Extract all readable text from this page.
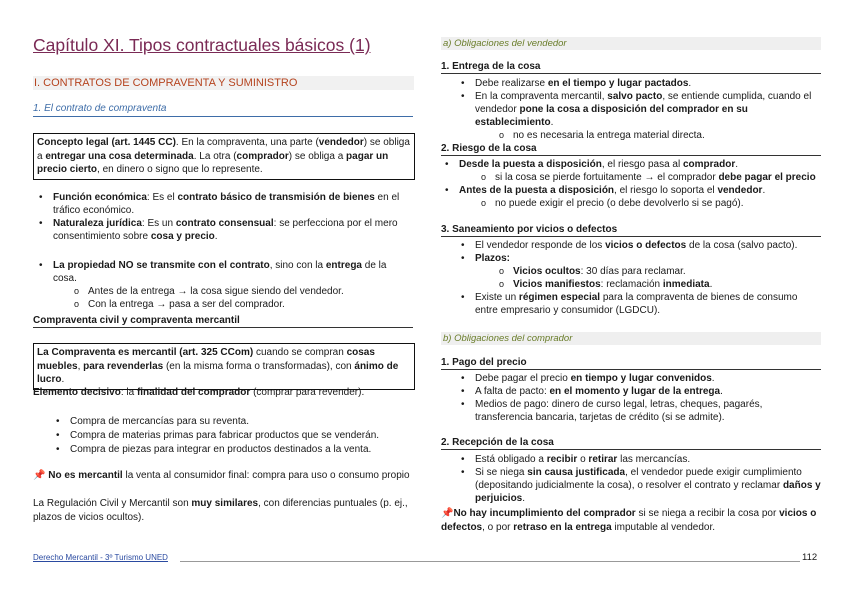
Capítulo XI. Tipos contractuales básicos (1)
I. CONTRATOS DE COMPRAVENTA Y SUMINISTRO
1. El contrato de compraventa
Concepto legal (art. 1445 CC). En la compraventa, una parte (vendedor) se obliga a entregar una cosa determinada. La otra (comprador) se obliga a pagar un precio cierto, en dinero o signo que lo represente.
• Función económica: Es el contrato básico de transmisión de bienes en el tráfico económico.
• Naturaleza jurídica: Es un contrato consensual: se perfecciona por el mero consentimiento sobre cosa y precio.
• La propiedad NO se transmite con el contrato, sino con la entrega de la cosa.
o Antes de la entrega → la cosa sigue siendo del vendedor.
o Con la entrega → pasa a ser del comprador.
Compraventa civil y compraventa mercantil
La Compraventa es mercantil (art. 325 CCom) cuando se compran cosas muebles, para revenderlas (en la misma forma o transformadas), con ánimo de lucro.
Elemento decisivo: la finalidad del comprador (comprar para revender).
• Compra de mercancías para su reventa.
• Compra de materias primas para fabricar productos que se venderán.
• Compra de piezas para integrar en productos destinados a la venta.
📌 No es mercantil la venta al consumidor final: compra para uso o consumo propio
La Regulación Civil y Mercantil son muy similares, con diferencias puntuales (p. ej., plazos de vicios ocultos).
a) Obligaciones del vendedor
1. Entrega de la cosa
• Debe realizarse en el tiempo y lugar pactados.
• En la compraventa mercantil, salvo pacto, se entiende cumplida, cuando el vendedor pone la cosa a disposición del comprador en su establecimiento.
o no es necesaria la entrega material directa.
2. Riesgo de la cosa
• Desde la puesta a disposición, el riesgo pasa al comprador.
o si la cosa se pierde fortuitamente → el comprador debe pagar el precio
• Antes de la puesta a disposición, el riesgo lo soporta el vendedor.
o no puede exigir el precio (o debe devolverlo si se pagó).
3. Saneamiento por vicios o defectos
• El vendedor responde de los vicios o defectos de la cosa (salvo pacto).
• Plazos:
o Vicios ocultos: 30 días para reclamar.
o Vicios manifiestos: reclamación inmediata.
• Existe un régimen especial para la compraventa de bienes de consumo entre empresario y consumidor (LGDCU).
b) Obligaciones del comprador
1. Pago del precio
• Debe pagar el precio en tiempo y lugar convenidos.
• A falta de pacto: en el momento y lugar de la entrega.
• Medios de pago: dinero de curso legal, letras, cheques, pagarés, transferencia bancaria, tarjetas de crédito (si se admite).
2. Recepción de la cosa
• Está obligado a recibir o retirar las mercancías.
• Si se niega sin causa justificada, el vendedor puede exigir cumplimiento (depositando judicialmente la cosa), o resolver el contrato y reclamar daños y perjuicios.
📌No hay incumplimiento del comprador si se niega a recibir la cosa por vicios o defectos, o por retraso en la entrega imputable al vendedor.
Derecho Mercantil - 3º Turismo UNED	112
